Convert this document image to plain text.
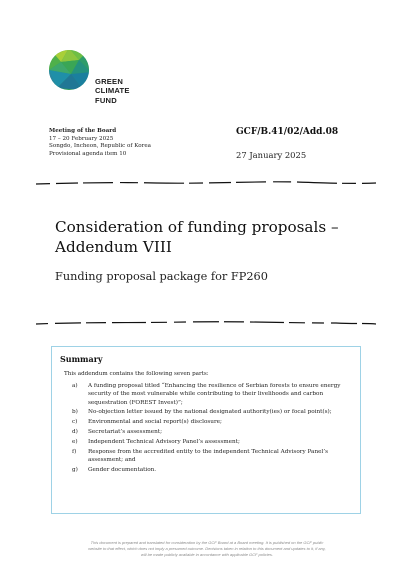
GREEN
CLIMATE
FUND
Meeting of the Board
17 – 20 February 2025
Songdo, Incheon, Republic of Korea
Provisional agenda item 10
GCF/B.41/02/Add.08
27 January 2025
Consideration of funding proposals –
Addendum VIII
Funding proposal package for FP260
Summary
This addendum contains the following seven parts:
a) A funding proposal titled “Enhancing the resilience of Serbian forests to ensure energy security of the most vulnerable while contributing to their livelihoods and carbon sequestration (FOREST Invest)”;
b) No-objection letter issued by the national designated authority(ies) or focal point(s);
c) Environmental and social report(s) disclosure;
d) Secretariat’s assessment;
e) Independent Technical Advisory Panel’s assessment;
f) Response from the accredited entity to the independent Technical Advisory Panel’s assessment; and
g) Gender documentation.
This document is prepared and translated for consideration by the GCF Board at a Board meeting. It is published on the GCF public
website to that effect, which does not imply a presumed outcome. Decisions taken in relation to this document and updates to it, if any,
will be made publicly available in accordance with applicable GCF policies.
